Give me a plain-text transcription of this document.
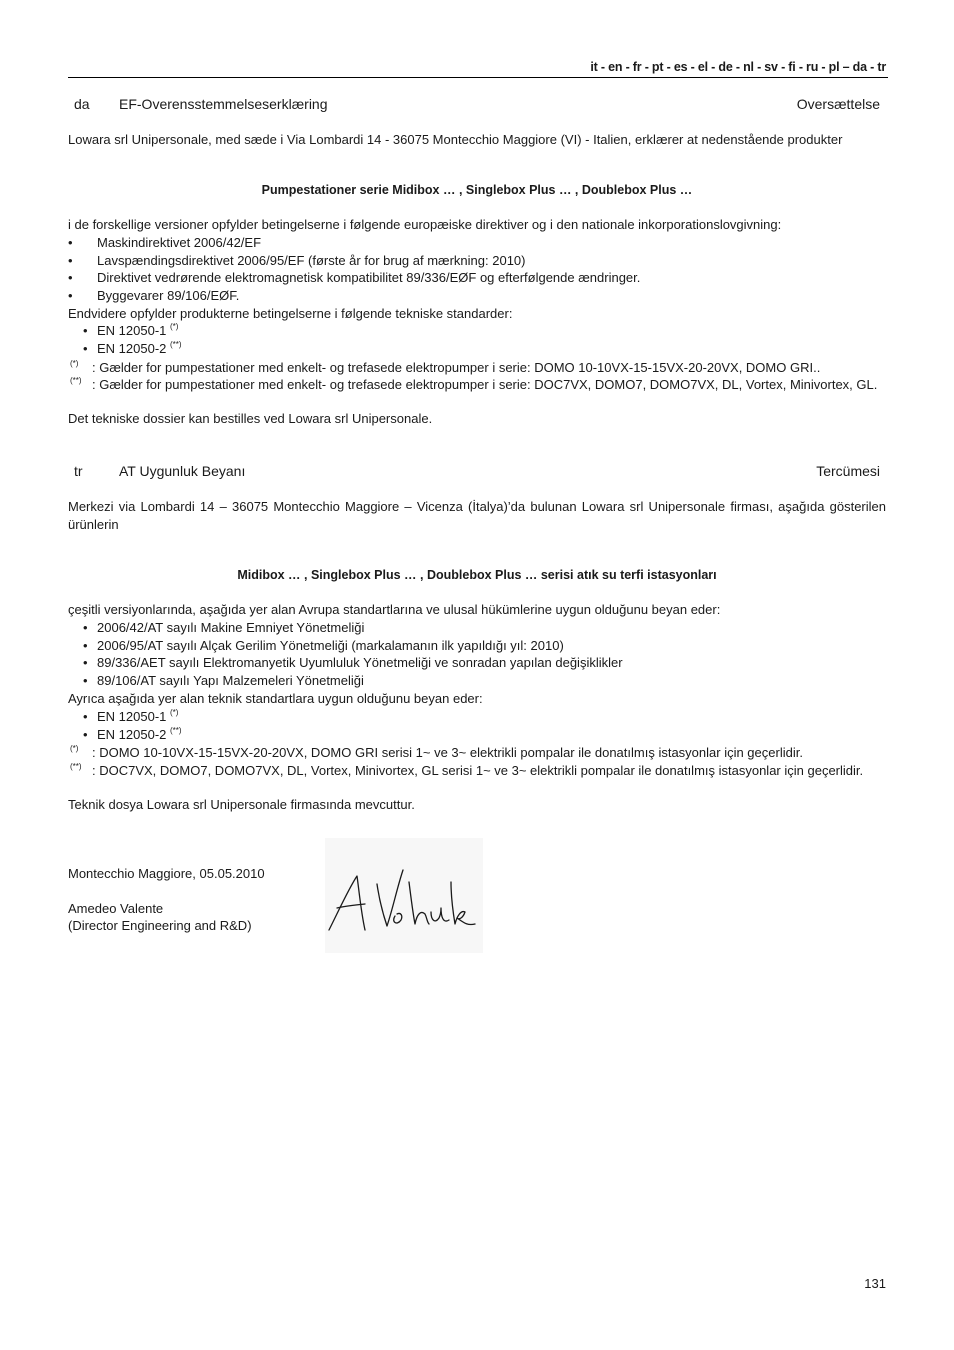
it - en - fr - pt - es - el - de - nl - sv - fi - ru - pl – da - tr
da EF-Overensstemmelseserklæring	Oversættelse
Lowara srl Unipersonale, med sæde i Via Lombardi 14 - 36075 Montecchio Maggiore (VI) - Italien, erklærer at nedenstående produkter
Pumpestationer serie Midibox … , Singlebox Plus … , Doublebox Plus …
i de forskellige versioner opfylder betingelserne i følgende europæiske direktiver og i den nationale inkorporationslovgivning:
• Maskindirektivet 2006/42/EF
• Lavspændingsdirektivet 2006/95/EF (første år for brug af mærkning: 2010)
• Direktivet vedrørende elektromagnetisk kompatibilitet 89/336/EØF og efterfølgende ændringer.
• Byggevarer 89/106/EØF.
Endvidere opfylder produkterne betingelserne i følgende tekniske standarder:
• EN 12050-1 (*)
• EN 12050-2 (**)
(*) : Gælder for pumpestationer med enkelt- og trefasede elektropumper i serie: DOMO 10-10VX-15-15VX-20-20VX, DOMO GRI..
(**) : Gælder for pumpestationer med enkelt- og trefasede elektropumper i serie: DOC7VX, DOMO7, DOMO7VX, DL, Vortex, Minivortex, GL.
Det tekniske dossier kan bestilles ved Lowara srl Unipersonale.
tr	AT Uygunluk Beyanı	Tercümesi
Merkezi via Lombardi 14 – 36075 Montecchio Maggiore – Vicenza (İtalya)’da bulunan Lowara srl Unipersonale firması, aşağıda gösterilen ürünlerin
Midibox … , Singlebox Plus … , Doublebox Plus … serisi atık su terfi istasyonları
çeşitli versiyonlarında, aşağıda yer alan Avrupa standartlarına ve ulusal hükümlerine uygun olduğunu beyan eder:
• 2006/42/AT sayılı Makine Emniyet Yönetmeliği
• 2006/95/AT sayılı Alçak Gerilim Yönetmeliği (markalamanın ilk yapıldığı yıl: 2010)
• 89/336/AET sayılı Elektromanyetik Uyumluluk Yönetmeliği ve sonradan yapılan değişiklikler
• 89/106/AT sayılı Yapı Malzemeleri Yönetmeliği
Ayrıca aşağıda yer alan teknik standartlara uygun olduğunu beyan eder:
• EN 12050-1 (*)
• EN 12050-2 (**)
(*) : DOMO 10-10VX-15-15VX-20-20VX, DOMO GRI serisi 1~ ve 3~ elektrikli pompalar ile donatılmış istasyonlar için geçerlidir.
(**) : DOC7VX, DOMO7, DOMO7VX, DL, Vortex, Minivortex, GL serisi 1~ ve 3~ elektrikli pompalar ile donatılmış istasyonlar için geçerlidir.
Teknik dosya Lowara srl Unipersonale firmasında mevcuttur.
Montecchio Maggiore, 05.05.2010
Amedeo Valente
(Director Engineering and R&D)
131
